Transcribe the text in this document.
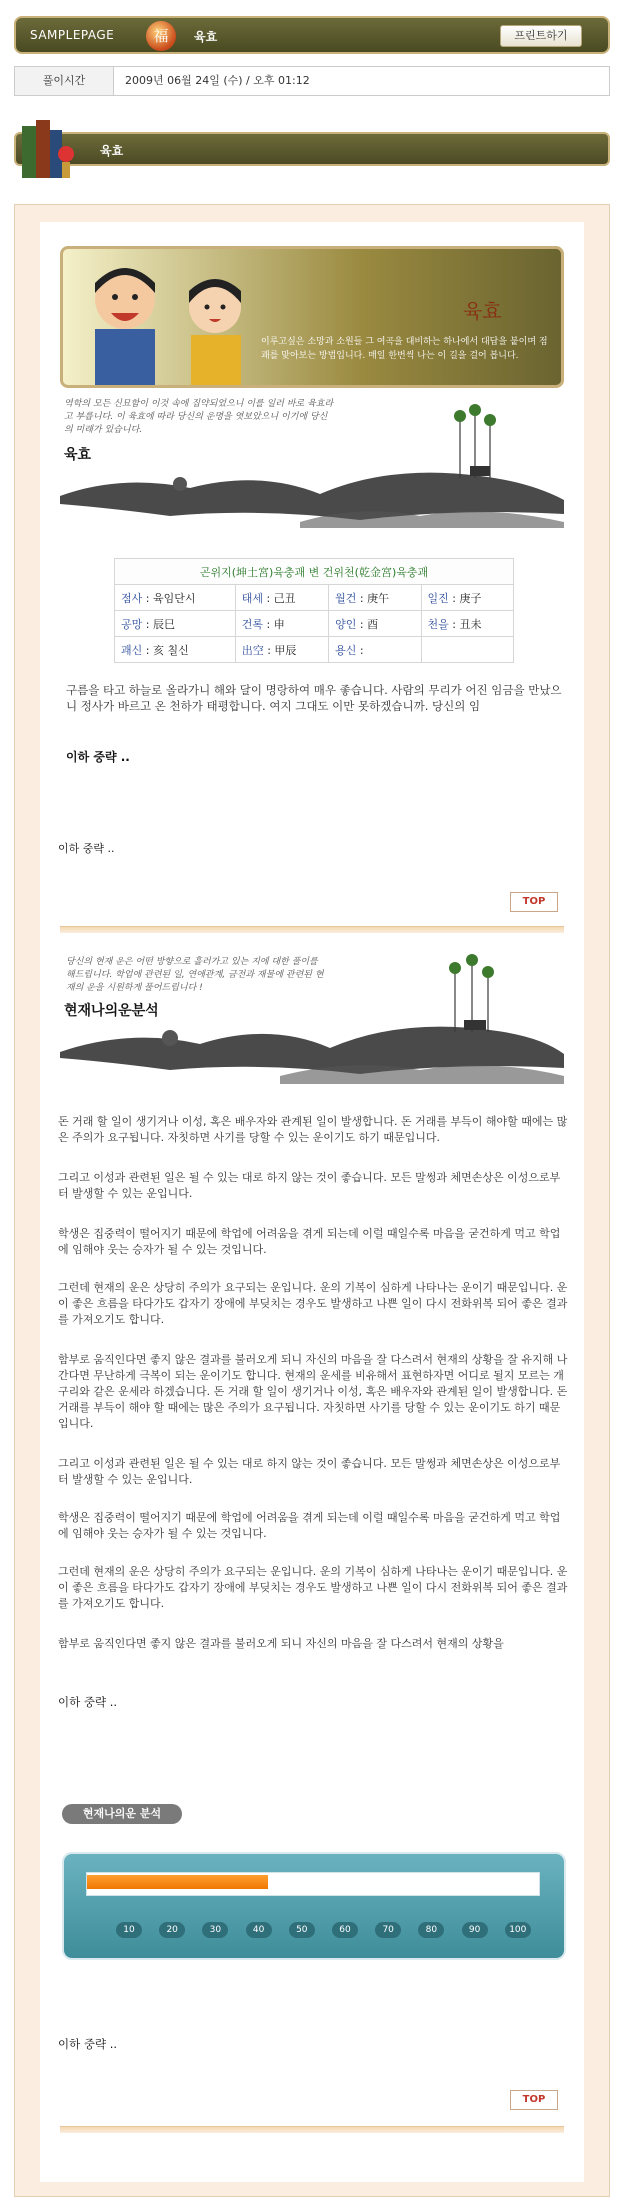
SAMPLEPAGE	福	육효	프린트하기
풀이시간	2009년 06월 24일 (수) / 오후 01:12
육효
육효
이루고싶은 소망과 소원들 그 여곡을 대비하는 하나에서 대답을 붙이며 점괘를 맞아보는 방법입니다. 매일 한번씩 나는 이 길을 걸어 봅니다.
역학의 모든 신묘함이 이것 속에 집약되었으니 이를 일러 바로 육효라고 부릅니다. 이 육효에 따라 당신의 운명을 엿보았으니 이기에 당신의 미래가 있습니다.
육효
곤위지(坤土宮)육충괘 변 건위천(乾金宮)육충괘			
점사 : 육임단시	태세 : 己丑	월건 : 庚午	일진 : 庚子
공망 : 辰巳	건록 : 申	양인 : 酉	천을 : 丑未
괘신 : 亥 칠신	出空 : 甲辰	용신 :	
구름을 타고 하늘로 올라가니 해와 달이 명랑하여 매우 좋습니다. 사람의 무리가 어진 임금을 만났으니 정사가 바르고 온 천하가 태평합니다. 여지 그대도 이만 못하겠습니까. 당신의 임
이하 중략 ..
이하 중략 ..
TOP
당신의 현재 운은 어떤 방향으로 흘러가고 있는 지에 대한 풀이를 해드립니다. 학업에 관련된 일, 연애관계, 금전과 재물에 관련된 현재의 운을 시원하게 풀어드립니다 !
현재나의운분석
돈 거래 할 일이 생기거나 이성, 혹은 배우자와 관계된 일이 발생합니다. 돈 거래를 부득이 해야할 때에는 많은 주의가 요구됩니다. 자칫하면 사기를 당할 수 있는 운이기도 하기 때문입니다.
그리고 이성과 관련된 일은 될 수 있는 대로 하지 않는 것이 좋습니다. 모든 말썽과 체면손상은 이성으로부터 발생할 수 있는 운입니다.
학생은 집중력이 떨어지기 때문에 학업에 어려움을 겪게 되는데 이럴 때일수록 마음을 굳건하게 먹고 학업에 임해야 웃는 승자가 될 수 있는 것입니다.
그런데 현재의 운은 상당히 주의가 요구되는 운입니다. 운의 기복이 심하게 나타나는 운이기 때문입니다. 운이 좋은 흐름을 타다가도 갑자기 장애에 부딪치는 경우도 발생하고 나쁜 일이 다시 전화위복 되어 좋은 결과를 가져오기도 합니다.
함부로 움직인다면 좋지 않은 결과를 불러오게 되니 자신의 마음을 잘 다스려서 현재의 상황을 잘 유지해 나간다면 무난하게 극복이 되는 운이기도 합니다. 현재의 운세를 비유해서 표현하자면 어디로 될지 모르는 개구리와 같은 운세라 하겠습니다. 돈 거래 할 일이 생기거나 이성, 혹은 배우자와 관계된 일이 발생합니다. 돈 거래를 부득이 해야 할 때에는 많은 주의가 요구됩니다. 자칫하면 사기를 당할 수 있는 운이기도 하기 때문입니다.
그리고 이성과 관련된 일은 될 수 있는 대로 하지 않는 것이 좋습니다. 모든 말썽과 체면손상은 이성으로부터 발생할 수 있는 운입니다.
학생은 집중력이 떨어지기 때문에 학업에 어려움을 겪게 되는데 이럴 때일수록 마음을 굳건하게 먹고 학업에 임해야 웃는 승자가 될 수 있는 것입니다.
그런데 현재의 운은 상당히 주의가 요구되는 운입니다. 운의 기복이 심하게 나타나는 운이기 때문입니다. 운이 좋은 흐름을 타다가도 갑자기 장애에 부딪치는 경우도 발생하고 나쁜 일이 다시 전화위복 되어 좋은 결과를 가져오기도 합니다.
함부로 움직인다면 좋지 않은 결과를 불러오게 되니 자신의 마음을 잘 다스려서 현재의 상황을
이하 중략 ..
현재나의운 분석
10	20	30	40	50	60	70	80	90	100
이하 중략 ..
TOP
